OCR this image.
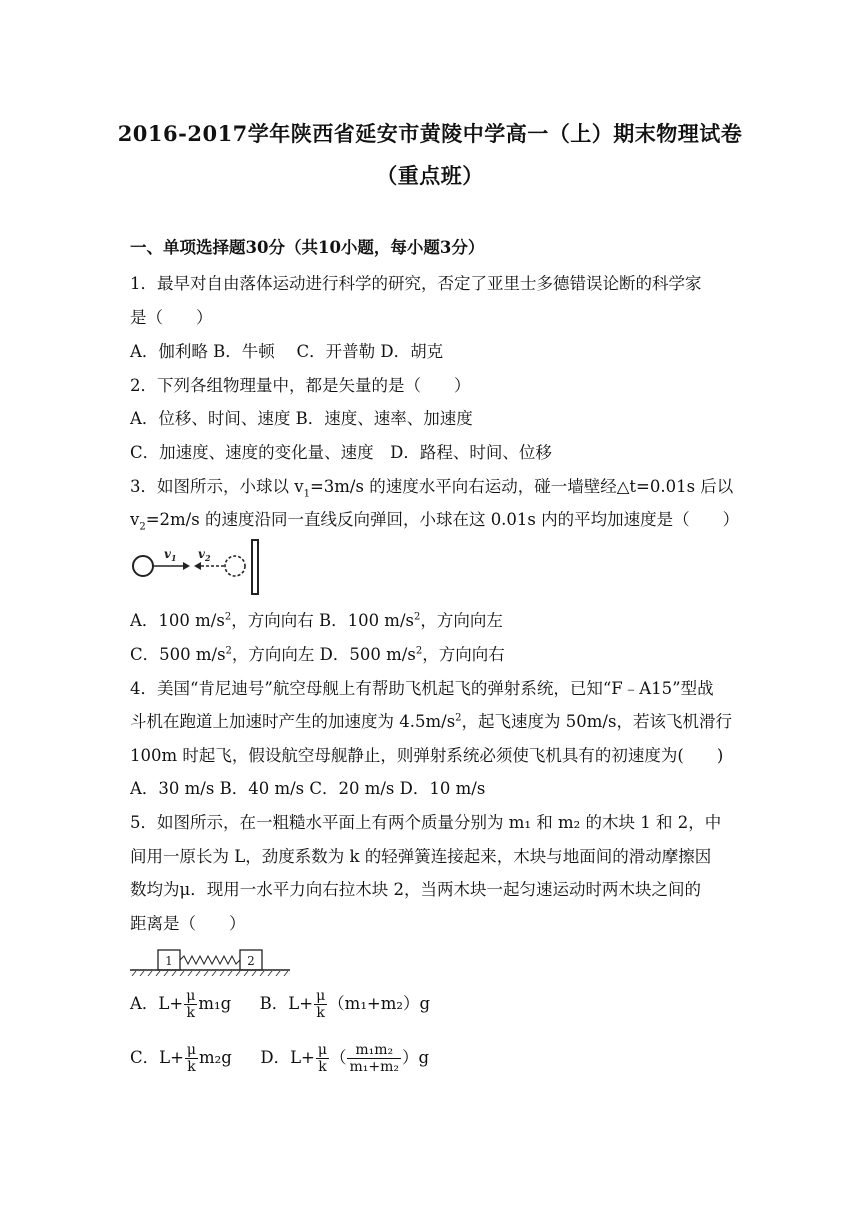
2016-2017学年陕西省延安市黄陵中学高一（上）期末物理试卷
（重点班）
一、单项选择题30分（共10小题，每小题3分）
1．最早对自由落体运动进行科学的研究，否定了亚里士多德错误论断的科学家
是（　　）
A．伽利略 B．牛顿　 C．开普勒 D．胡克
2．下列各组物理量中，都是矢量的是（　　）
A．位移、时间、速度 B．速度、速率、加速度
C．加速度、速度的变化量、速度　D．路程、时间、位移
3．如图所示，小球以 $v_1=3m/s$ 的速度水平向右运动，碰一墙壁经△t=0.01s 后以
$v_2=2m/s$ 的速度沿同一直线反向弹回，小球在这 0.01s 内的平均加速度是（　　）
$v_1$ $v_2$
A．100 $m/s^2$，方向向右 B．100 $m/s^2$，方向向左
C．500 $m/s^2$，方向向左 D．500 $m/s^2$，方向向右
4．美国“肯尼迪号”航空母舰上有帮助飞机起飞的弹射系统，已知“F﹣A15”型战
斗机在跑道上加速时产生的加速度为 $4.5m/s^2$，起飞速度为 50m/s，若该飞机滑行
100m 时起飞，假设航空母舰静止，则弹射系统必须使飞机具有的初速度为(　　)
A．30 m/s B．40 m/s C．20 m/s D．10 m/s
5．如图所示，在一粗糙水平面上有两个质量分别为 m₁ 和 m₂ 的木块 1 和 2，中
间用一原长为 L，劲度系数为 k 的轻弹簧连接起来，木块与地面间的滑动摩擦因
数均为μ．现用一水平力向右拉木块 2，当两木块一起匀速运动时两木块之间的
距离是（　　）
1	2
A．$L+ \frac{\mu}{k} m_1g$ B．$L+ \frac{\mu}{k} (m_1+m_2)g$
C．$L+ \frac{\mu}{k} m_2g$ D．$L+ \frac{\mu}{k}$ （ $\frac{\text{m₁m₂}}{\text{m₁+m₂}} )g$
